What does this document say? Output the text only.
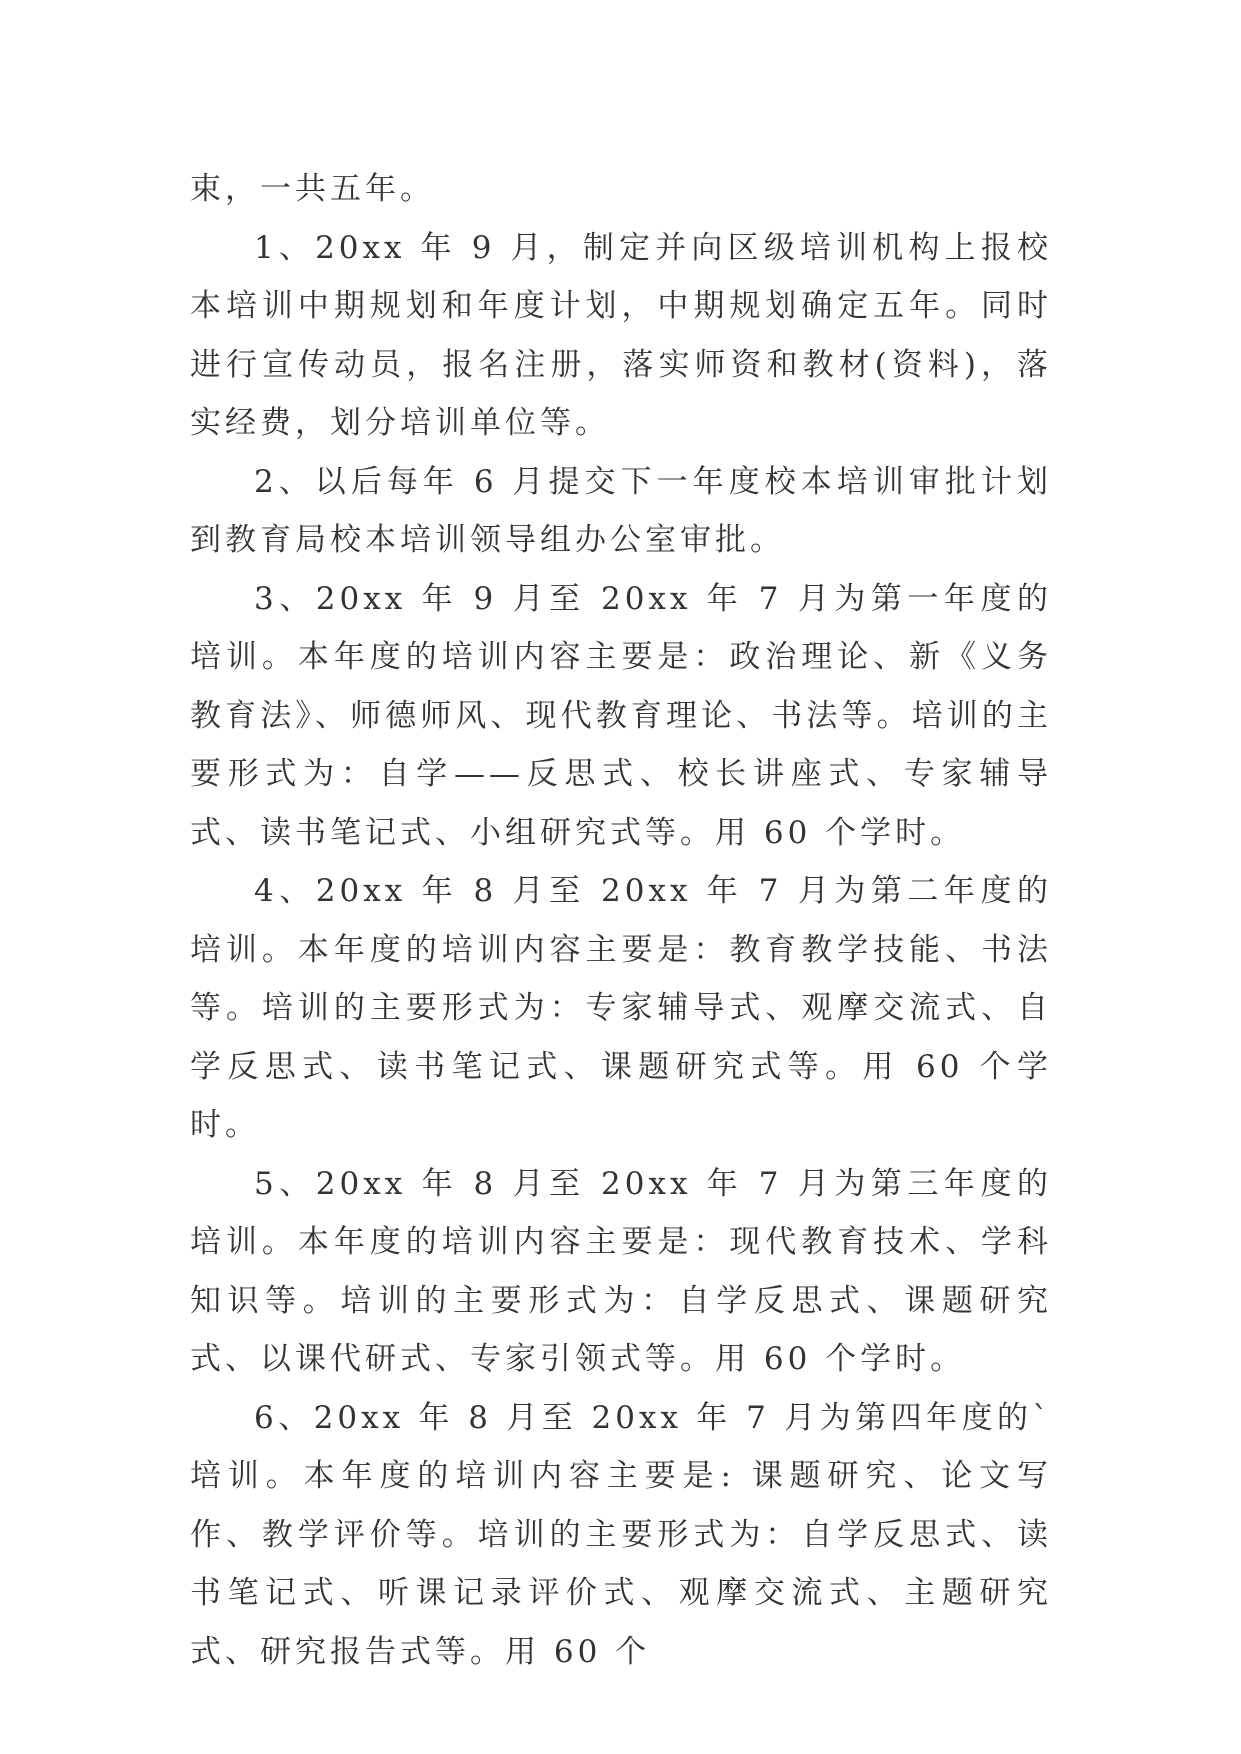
束，一共五年。

1、20xx 年 9 月，制定并向区级培训机构上报校本培训中期规划和年度计划，中期规划确定五年。同时进行宣传动员，报名注册，落实师资和教材(资料)，落实经费，划分培训单位等。

2、以后每年 6 月提交下一年度校本培训审批计划到教育局校本培训领导组办公室审批。

3、20xx 年 9 月至 20xx 年 7 月为第一年度的培训。本年度的培训内容主要是：政治理论、新《义务教育法》、师德师风、现代教育理论、书法等。培训的主要形式为：自学——反思式、校长讲座式、专家辅导式、读书笔记式、小组研究式等。用 60 个学时。

4、20xx 年 8 月至 20xx 年 7 月为第二年度的培训。本年度的培训内容主要是：教育教学技能、书法等。培训的主要形式为：专家辅导式、观摩交流式、自学反思式、读书笔记式、课题研究式等。用 60 个学时。

5、20xx 年 8 月至 20xx 年 7 月为第三年度的培训。本年度的培训内容主要是：现代教育技术、学科知识等。培训的主要形式为：自学反思式、课题研究式、以课代研式、专家引领式等。用 60 个学时。

6、20xx 年 8 月至 20xx 年 7 月为第四年度的`培训。本年度的培训内容主要是: 课题研究、论文写作、教学评价等。培训的主要形式为：自学反思式、读书笔记式、听课记录评价式、观摩交流式、主题研究式、研究报告式等。用 60 个
